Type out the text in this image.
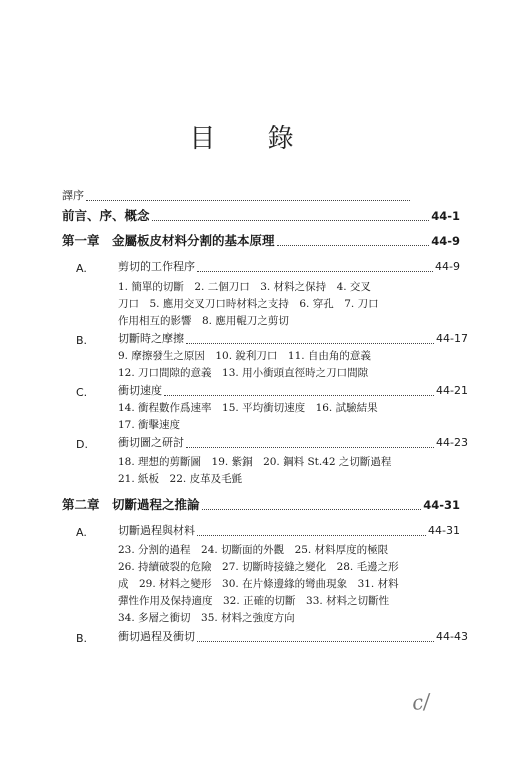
目 錄
譯序
前言、序、概念	44-1
第一章　金屬板皮材料分割的基本原理	44-9
A.	剪切的工作程序	44-9
1. 簡單的切斷　2. 二個刀口　3. 材料之保持　4. 交叉
刀口　5. 應用交叉刀口時材料之支持　6. 穿孔　7. 刀口
作用相互的影響　8. 應用輥刀之剪切
B.	切斷時之摩擦	44-17
9. 摩擦發生之原因　10. 銳利刀口　11. 自由角的意義
12. 刀口間隙的意義　13. 用小衝頭直徑時之刀口間隙
C.	衝切速度	44-21
14. 衝程數作爲速率　15. 平均衝切速度　16. 試驗結果
17. 衝擊速度
D.	衝切圖之研討	44-23
18. 理想的剪斷圖　19. 紫銅　20. 鋼料 St.42 之切斷過程
21. 紙板　22. 皮革及毛氈
第二章　切斷過程之推論	44-31
A.	切斷過程與材料	44-31
23. 分割的過程　24. 切斷面的外觀　25. 材料厚度的極限
26. 持續破裂的危險　27. 切斷時接縫之變化　28. 毛邊之形
成　29. 材料之變形　30. 在片條邊緣的彎曲現象　31. 材料
彈性作用及保持適度　32. 正確的切斷　33. 材料之切斷性
34. 多層之衝切　35. 材料之強度方向
B.	衝切過程及衝切	44-43
c/
